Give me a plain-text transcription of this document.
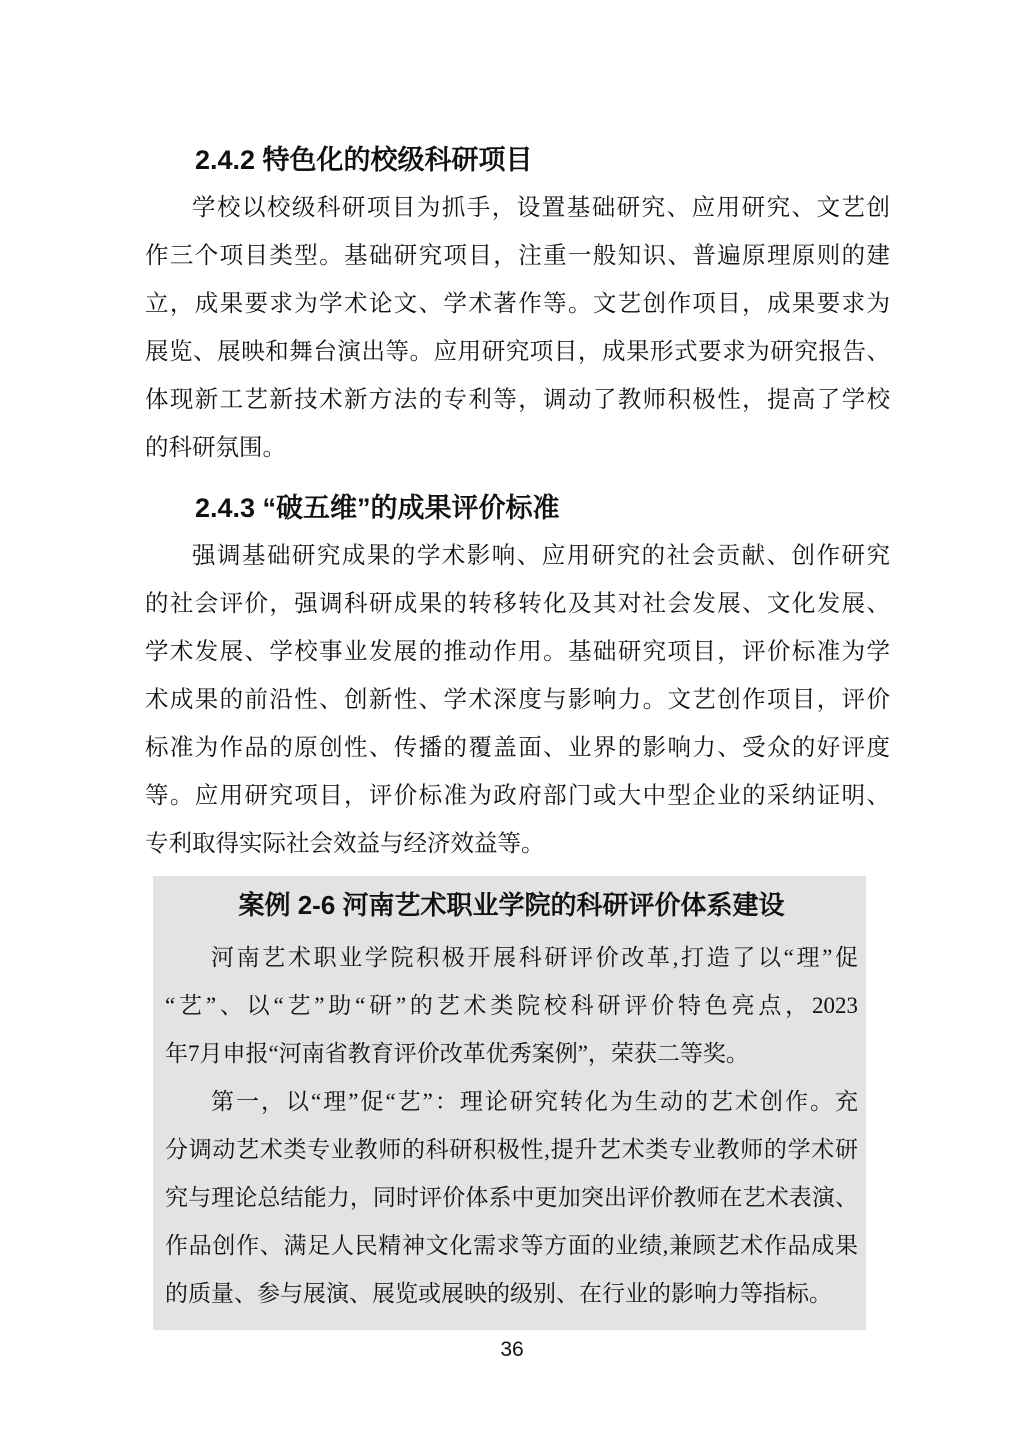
2.4.2 特色化的校级科研项目
学校以校级科研项目为抓手，设置基础研究、应用研究、文艺创
作三个项目类型。基础研究项目，注重一般知识、普遍原理原则的建
立，成果要求为学术论文、学术著作等。文艺创作项目，成果要求为
展览、展映和舞台演出等。应用研究项目，成果形式要求为研究报告、
体现新工艺新技术新方法的专利等，调动了教师积极性，提高了学校
的科研氛围。
2.4.3 “破五维”的成果评价标准
强调基础研究成果的学术影响、应用研究的社会贡献、创作研究
的社会评价，强调科研成果的转移转化及其对社会发展、文化发展、
学术发展、学校事业发展的推动作用。基础研究项目，评价标准为学
术成果的前沿性、创新性、学术深度与影响力。文艺创作项目，评价
标准为作品的原创性、传播的覆盖面、业界的影响力、受众的好评度
等。应用研究项目，评价标准为政府部门或大中型企业的采纳证明、
专利取得实际社会效益与经济效益等。
案例 2-6 河南艺术职业学院的科研评价体系建设
河南艺术职业学院积极开展科研评价改革,打造了以“理”促
“艺”、以“艺”助“研”的艺术类院校科研评价特色亮点，2023
年7月申报“河南省教育评价改革优秀案例”，荣获二等奖。
第一，以“理”促“艺”：理论研究转化为生动的艺术创作。充
分调动艺术类专业教师的科研积极性,提升艺术类专业教师的学术研
究与理论总结能力，同时评价体系中更加突出评价教师在艺术表演、
作品创作、满足人民精神文化需求等方面的业绩,兼顾艺术作品成果
的质量、参与展演、展览或展映的级别、在行业的影响力等指标。
36
